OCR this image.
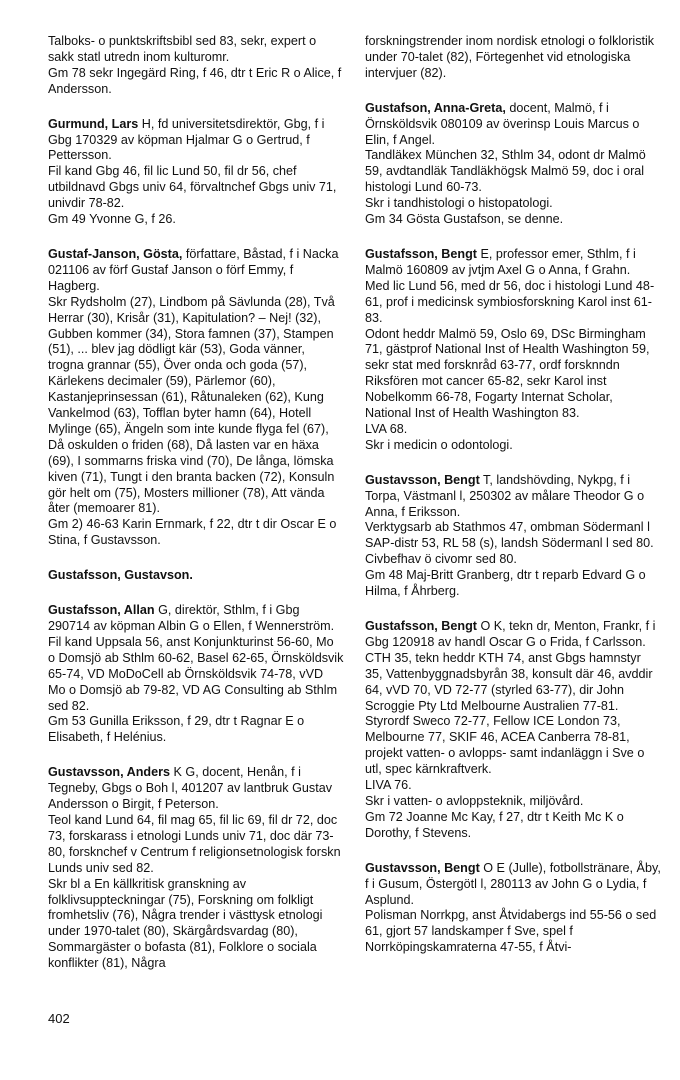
Talboks- o punktskriftsbibl sed 83, sekr, expert o sakk statl utredn inom kulturomr.

Gm 78 sekr Ingegärd Ring, f 46, dtr t Eric R o Alice, f Andersson.

Gurmund, Lars H, fd universitetsdirektör, Gbg, f i Gbg 170329 av köpman Hjalmar G o Gertrud, f Pettersson.

Fil kand Gbg 46, fil lic Lund 50, fil dr 56, chef utbildnavd Gbgs univ 64, förvaltnchef Gbgs univ 71, univdir 78-82.

Gm 49 Yvonne G, f 26.

Gustaf-Janson, Gösta, författare, Båstad, f i Nacka 021106 av förf Gustaf Janson o förf Emmy, f Hagberg.

Skr Rydsholm (27), Lindbom på Sävlunda (28), Två Herrar (30), Krisår (31), Kapitulation? – Nej! (32), Gubben kommer (34), Stora famnen (37), Stampen (51), ... blev jag dödligt kär (53), Goda vänner, trogna grannar (55), Över onda och goda (57), Kärlekens decimaler (59), Pärlemor (60), Kastanjeprinsessan (61), Råtunaleken (62), Kung Vankelmod (63), Tofflan byter hamn (64), Hotell Mylinge (65), Ängeln som inte kunde flyga fel (67), Då oskulden o friden (68), Då lasten var en häxa (69), I sommarns friska vind (70), De långa, lömska kiven (71), Tungt i den branta backen (72), Konsuln gör helt om (75), Mosters millioner (78), Att vända åter (memoarer 81).

Gm 2) 46-63 Karin Ernmark, f 22, dtr t dir Oscar E o Stina, f Gustavsson.

Gustafsson, Gustavson.

Gustafsson, Allan G, direktör, Sthlm, f i Gbg 290714 av köpman Albin G o Ellen, f Wennerström.

Fil kand Uppsala 56, anst Konjunkturinst 56-60, Mo o Domsjö ab Sthlm 60-62, Basel 62-65, Örnsköldsvik 65-74, VD MoDoCell ab Örnsköldsvik 74-78, vVD Mo o Domsjö ab 79-82, VD AG Consulting ab Sthlm sed 82.

Gm 53 Gunilla Eriksson, f 29, dtr t Ragnar E o Elisabeth, f Helénius.

Gustavsson, Anders K G, docent, Henån, f i Tegneby, Gbgs o Boh l, 401207 av lantbruk Gustav Andersson o Birgit, f Peterson.

Teol kand Lund 64, fil mag 65, fil lic 69, fil dr 72, doc 73, forskarass i etnologi Lunds univ 71, doc där 73-80, forsknchef v Centrum f religionsetnologisk forskn Lunds univ sed 82.

Skr bl a En källkritisk granskning av folklivsuppteckningar (75), Forskning om folkligt fromhetsliv (76), Några trender i västtysk etnologi under 1970-talet (80), Skärgårdsvardag (80), Sommargäster o bofasta (81), Folklore o sociala konflikter (81), Några

forskningstrender inom nordisk etnologi o folkloristik under 70-talet (82), Förtegenhet vid etnologiska intervjuer (82).

Gustafson, Anna-Greta, docent, Malmö, f i Örnsköldsvik 080109 av överinsp Louis Marcus o Elin, f Angel.

Tandläkex München 32, Sthlm 34, odont dr Malmö 59, avdtandläk Tandläkhögsk Malmö 59, doc i oral histologi Lund 60-73.

Skr i tandhistologi o histopatologi.

Gm 34 Gösta Gustafson, se denne.

Gustafsson, Bengt E, professor emer, Sthlm, f i Malmö 160809 av jvtjm Axel G o Anna, f Grahn.

Med lic Lund 56, med dr 56, doc i histologi Lund 48-61, prof i medicinsk symbiosforskning Karol inst 61-83.

Odont heddr Malmö 59, Oslo 69, DSc Birmingham 71, gästprof National Inst of Health Washington 59, sekr stat med forsknråd 63-77, ordf forsknndn Riksfören mot cancer 65-82, sekr Karol inst Nobelkomm 66-78, Fogarty Internat Scholar, National Inst of Health Washington 83.

LVA 68.

Skr i medicin o odontologi.

Gustavsson, Bengt T, landshövding, Nykpg, f i Torpa, Västmanl l, 250302 av målare Theodor G o Anna, f Eriksson.

Verktygsarb ab Stathmos 47, ombman Södermanl l SAP-distr 53, RL 58 (s), landsh Södermanl l sed 80.

Civbefhav ö civomr sed 80.

Gm 48 Maj-Britt Granberg, dtr t reparb Edvard G o Hilma, f Åhrberg.

Gustafsson, Bengt O K, tekn dr, Menton, Frankr, f i Gbg 120918 av handl Oscar G o Frida, f Carlsson.

CTH 35, tekn heddr KTH 74, anst Gbgs hamnstyr 35, Vattenbyggnadsbyrån 38, konsult där 46, avddir 64, vVD 70, VD 72-77 (styrled 63-77), dir John Scroggie Pty Ltd Melbourne Australien 77-81.

Styrordf Sweco 72-77, Fellow ICE London 73, Melbourne 77, SKIF 46, ACEA Canberra 78-81, projekt vatten- o avlopps- samt indanläggn i Sve o utl, spec kärnkraftverk.

LIVA 76.

Skr i vatten- o avloppsteknik, miljövård.

Gm 72 Joanne Mc Kay, f 27, dtr t Keith Mc K o Dorothy, f Stevens.

Gustavsson, Bengt O E (Julle), fotbollstränare, Åby, f i Gusum, Östergötl l, 280113 av John G o Lydia, f Asplund.

Polisman Norrkpg, anst Åtvidabergs ind 55-56 o sed 61, gjort 57 landskamper f Sve, spel f Norrköpingskamraterna 47-55, f Åtvi-

402
